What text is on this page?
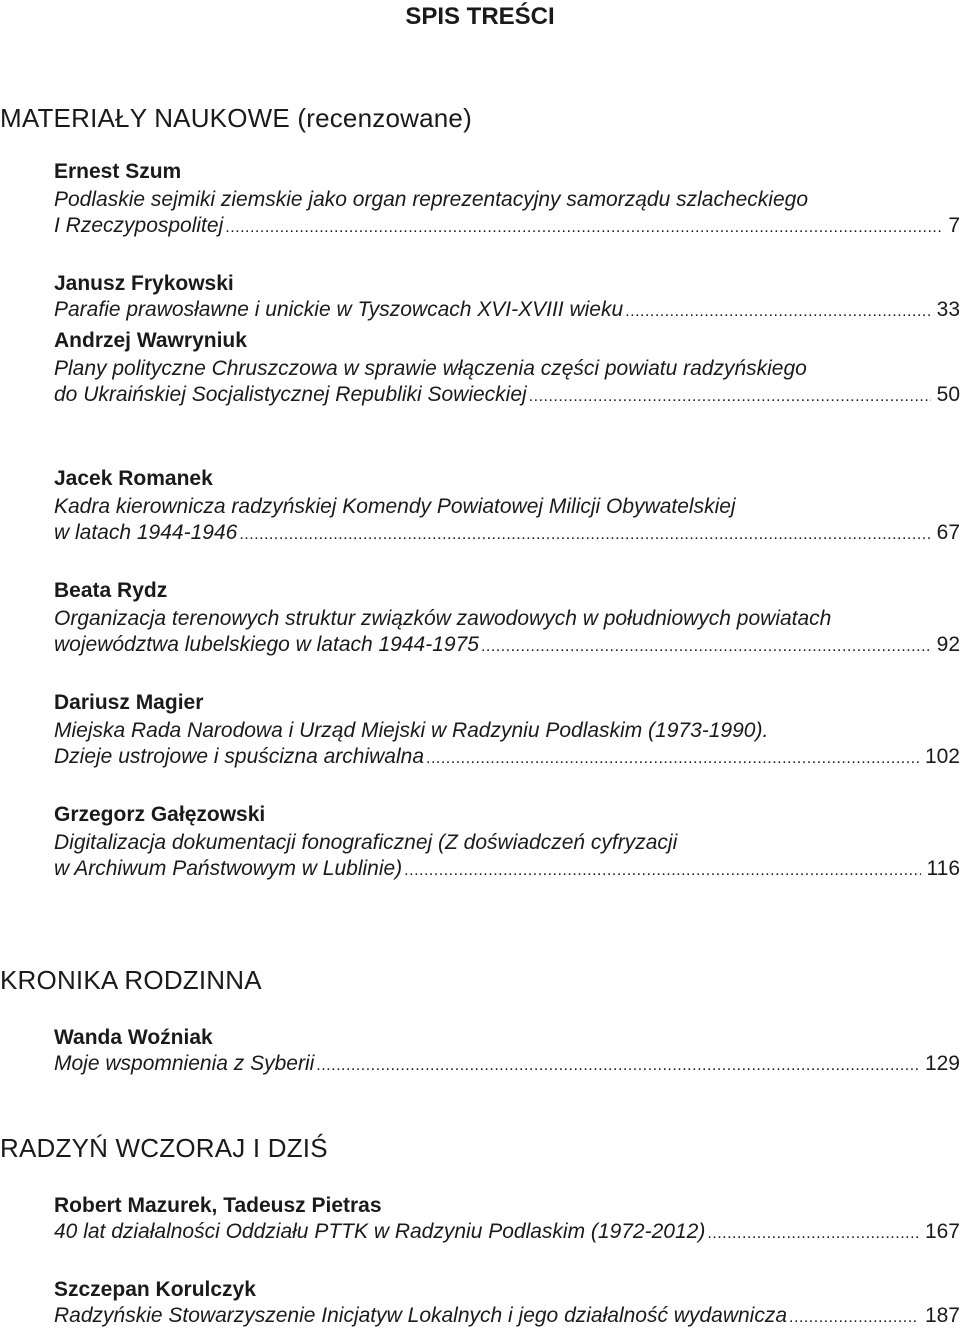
SPIS TREŚCI
MATERIAŁY NAUKOWE (recenzowane)

Ernest Szum

Podlaskie sejmiki ziemskie jako organ reprezentacyjny samorządu szlacheckiego

I Rzeczypospolitej .....	7

Janusz Frykowski

Parafie prawosławne i unickie w Tyszowcach XVI-XVIII wieku .....	33

Andrzej Wawryniuk

Plany polityczne Chruszczowa w sprawie włączenia części powiatu radzyńskiego

do Ukraińskiej Socjalistycznej Republiki Sowieckiej .....	50

Jacek Romanek

Kadra kierownicza radzyńskiej Komendy Powiatowej Milicji Obywatelskiej

w latach 1944-1946 .....	67

Beata Rydz

Organizacja terenowych struktur związków zawodowych w południowych powiatach

województwa lubelskiego w latach 1944-1975 .....	92

Dariusz Magier

Miejska Rada Narodowa i Urząd Miejski w Radzyniu Podlaskim (1973-1990).

Dzieje ustrojowe i spuścizna archiwalna .....	102

Grzegorz Gałęzowski

Digitalizacja dokumentacji fonograficznej (Z doświadczeń cyfryzacji

w Archiwum Państwowym w Lublinie) .....	116
KRONIKA RODZINNA

Wanda Woźniak

Moje wspomnienia z Syberii .....	129
RADZYŃ WCZORAJ I DZIŚ

Robert Mazurek, Tadeusz Pietras

40 lat działalności Oddziału PTTK w Radzyniu Podlaskim (1972-2012) .....	167

Szczepan Korulczyk

Radzyńskie Stowarzyszenie Inicjatyw Lokalnych i jego działalność wydawnicza .....	187
